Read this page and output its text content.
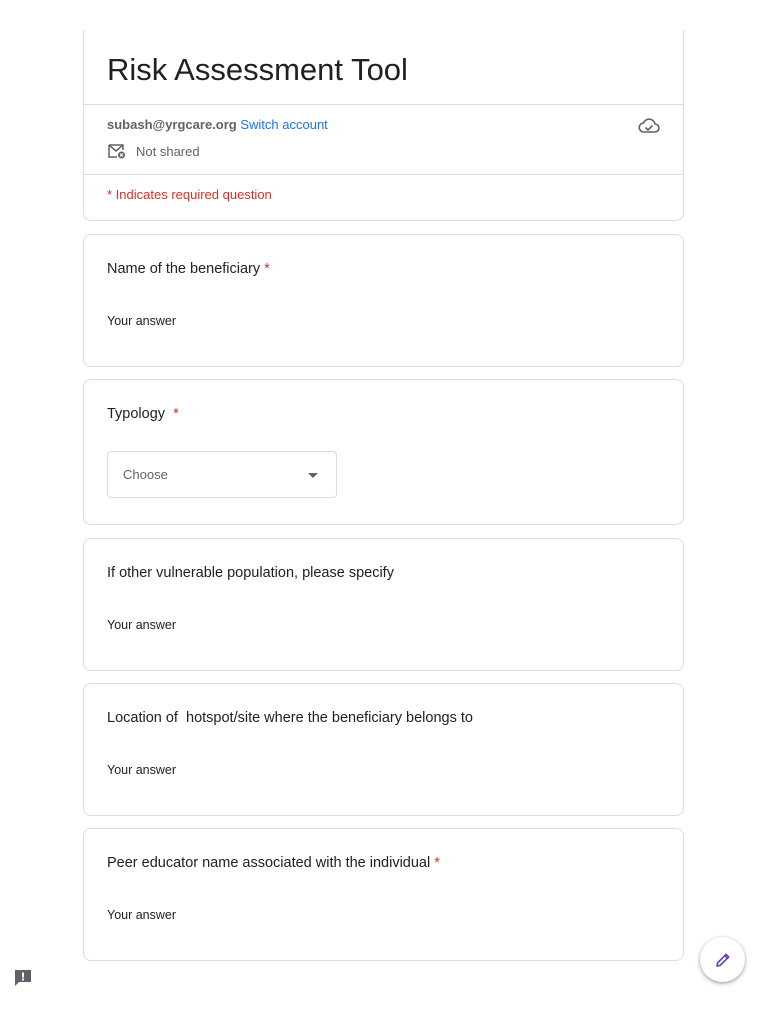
Risk Assessment Tool
subash@yrgcare.org Switch account
Not shared
* Indicates required question
Name of the beneficiary *
Your answer
Typology *
Choose
If other vulnerable population, please specify
Your answer
Location of  hotspot/site where the beneficiary belongs to
Your answer
Peer educator name associated with the individual *
Your answer
